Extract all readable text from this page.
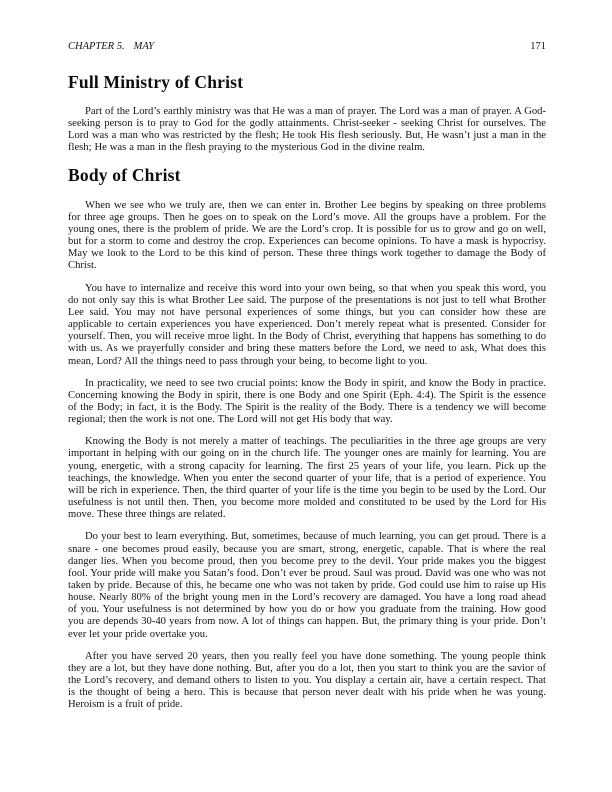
CHAPTER 5. MAY	171
Full Ministry of Christ

Part of the Lord’s earthly ministry was that He was a man of prayer. The Lord was a man of prayer. A God-seeking person is to pray to God for the godly attainments. Christ-seeker - seeking Christ for ourselves. The Lord was a man who was restricted by the flesh; He took His flesh seriously. But, He wasn’t just a man in the flesh; He was a man in the flesh praying to the mysterious God in the divine realm.

Body of Christ

When we see who we truly are, then we can enter in. Brother Lee begins by speaking on three problems for three age groups. Then he goes on to speak on the Lord’s move. All the groups have a problem. For the young ones, there is the problem of pride. We are the Lord’s crop. It is possible for us to grow and go on well, but for a storm to come and destroy the crop. Experiences can become opinions. To have a mask is hypocrisy. May we look to the Lord to be this kind of person. These three things work together to damage the Body of Christ.

You have to internalize and receive this word into your own being, so that when you speak this word, you do not only say this is what Brother Lee said. The purpose of the presentations is not just to tell what Brother Lee said. You may not have personal experiences of some things, but you can consider how these are applicable to certain experiences you have experienced. Don’t merely repeat what is presented. Consider for yourself. Then, you will receive mroe light. In the Body of Christ, everything that happens has something to do with us. As we prayerfully consider and bring these matters before the Lord, we need to ask, What does this mean, Lord? All the things need to pass through your being, to become light to you.

In practicality, we need to see two crucial points: know the Body in spirit, and know the Body in practice. Concerning knowing the Body in spirit, there is one Body and one Spirit (Eph. 4:4). The Spirit is the essence of the Body; in fact, it is the Body. The Spirit is the reality of the Body. There is a tendency we will become regional; then the work is not one. The Lord will not get His body that way.

Knowing the Body is not merely a matter of teachings. The peculiarities in the three age groups are very important in helping with our going on in the church life. The younger ones are mainly for learning. You are young, energetic, with a strong capacity for learning. The first 25 years of your life, you learn. Pick up the teachings, the knowledge. When you enter the second quarter of your life, that is a period of experience. You will be rich in experience. Then, the third quarter of your life is the time you begin to be used by the Lord. Our usefulness is not until then. Then, you become more molded and constituted to be used by the Lord for His move. These three things are related.

Do your best to learn everything. But, sometimes, because of much learning, you can get proud. There is a snare - one becomes proud easily, because you are smart, strong, energetic, capable. That is where the real danger lies. When you become proud, then you become prey to the devil. Your pride makes you the biggest fool. Your pride will make you Satan’s food. Don’t ever be proud. Saul was proud. David was one who was not taken by pride. Because of this, he became one who was not taken by pride. God could use him to raise up His house. Nearly 80% of the bright young men in the Lord’s recovery are damaged. You have a long road ahead of you. Your usefulness is not determined by how you do or how you graduate from the training. How good you are depends 30-40 years from now. A lot of things can happen. But, the primary thing is your pride. Don’t ever let your pride overtake you.

After you have served 20 years, then you really feel you have done something. The young people think they are a lot, but they have done nothing. But, after you do a lot, then you start to think you are the savior of the Lord’s recovery, and demand others to listen to you. You display a certain air, have a certain respect. That is the thought of being a hero. This is because that person never dealt with his pride when he was young. Heroism is a fruit of pride.
